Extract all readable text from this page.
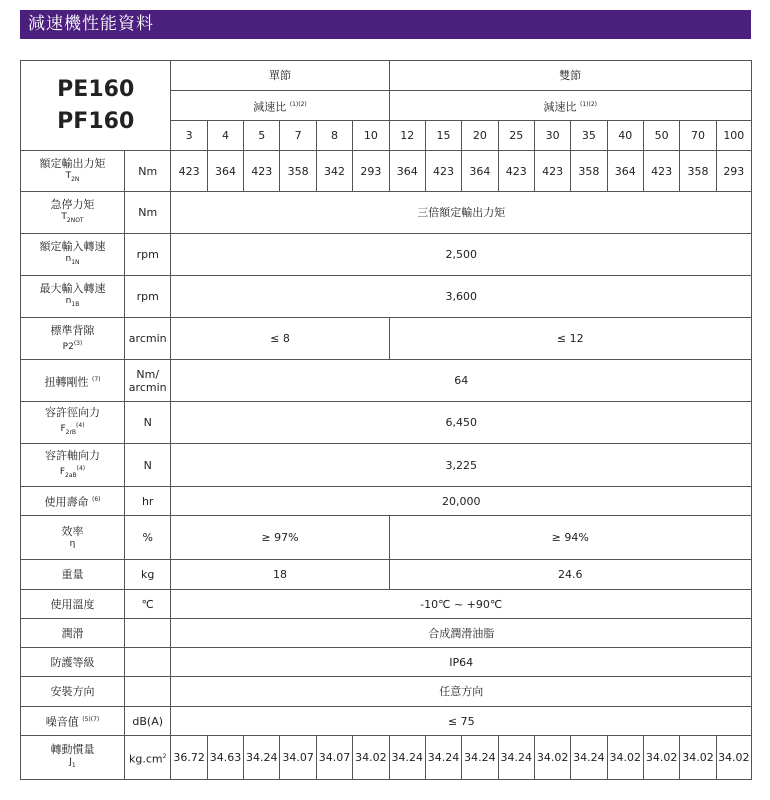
減速機性能資料
PE160
PF160		單節						雙節									
		減速比 $^{(1)(2)}$						減速比 $^{(1)(2)}$
		3	4	5	7	8	10	12	15	20	25	30	35	40	50	70	100

額定輸出力矩
$T_{2N}$	Nm	423	364	423	358	342	293	364	423	364	423	423	358	364	423	358	293

急停力矩
$T_{2NOT}$	Nm	三倍額定輸出力矩															

額定輸入轉速
$n_{1N}$	rpm	2,500															

最大輸入轉速
$n_{1B}$	rpm	3,600															

標準背隙
P2$^{(3)}$	arcmin	≤ 8						≤ 12									

扭轉剛性 $^{(7)}$	Nm/
arcmin	64															

容許徑向力
$F_{2rB}^{(4)}$	N	6,450															

容許軸向力
$F_{2aB}^{(4)}$	N	3,225															

使用壽命 $^{(6)}$	hr	20,000															

效率
η	%	≥ 97%						≥ 94%									

重量	kg	18						24.6									

使用溫度	℃	-10℃ ~ +90℃															

潤滑		合成潤滑油脂															

防護等級		IP64															

安裝方向		任意方向															

噪音值 $^{(5)(7)}$	dB(A)	≤ 75															

轉動慣量
$J_1$	$kg.cm^2$	36.72	34.63	34.24	34.07	34.07	34.02	34.24	34.24	34.24	34.24	34.02	34.24	34.02	34.02	34.02	34.02
